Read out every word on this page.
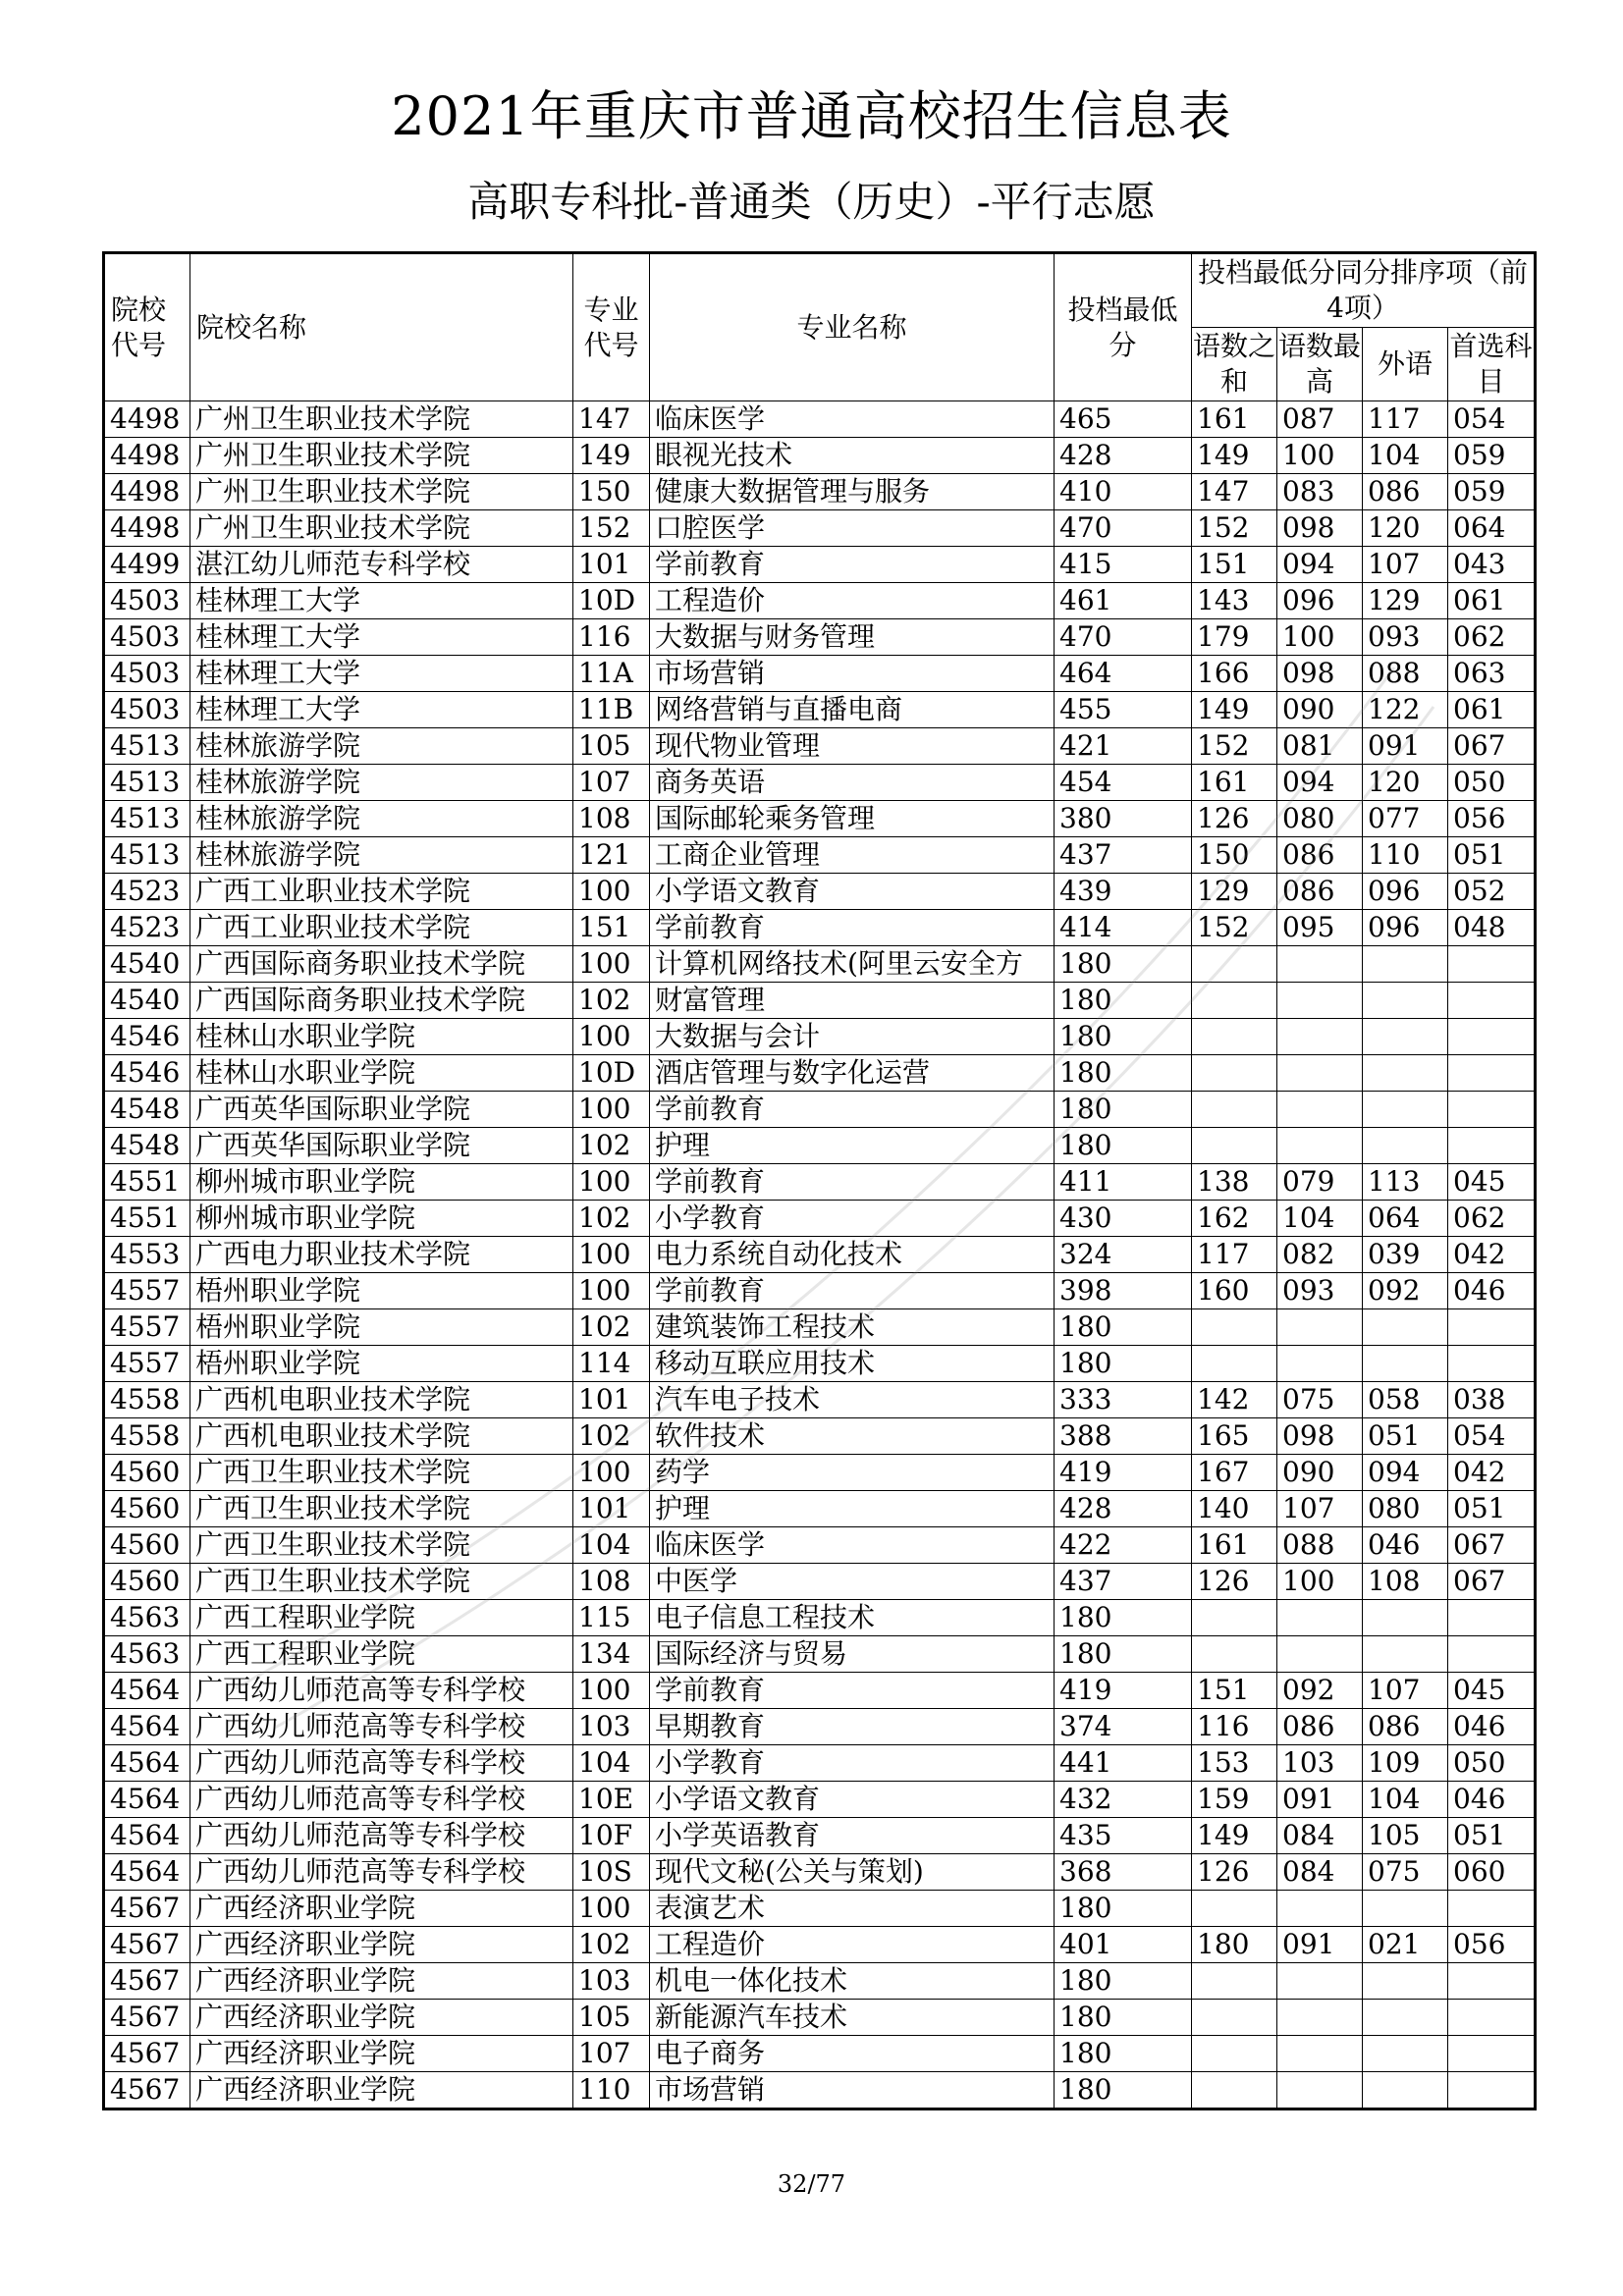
2021年重庆市普通高校招生信息表
高职专科批-普通类（历史）-平行志愿
院校代号	院校名称	专业代号	专业名称	投档最低分	投档最低分同分排序项（前4项）			
					语数之和	语数最高	外语	首选科目
4498	广州卫生职业技术学院	147	临床医学	465	161	087	117	054
4498	广州卫生职业技术学院	149	眼视光技术	428	149	100	104	059
4498	广州卫生职业技术学院	150	健康大数据管理与服务	410	147	083	086	059
4498	广州卫生职业技术学院	152	口腔医学	470	152	098	120	064
4499	湛江幼儿师范专科学校	101	学前教育	415	151	094	107	043
4503	桂林理工大学	10D	工程造价	461	143	096	129	061
4503	桂林理工大学	116	大数据与财务管理	470	179	100	093	062
4503	桂林理工大学	11A	市场营销	464	166	098	088	063
4503	桂林理工大学	11B	网络营销与直播电商	455	149	090	122	061
4513	桂林旅游学院	105	现代物业管理	421	152	081	091	067
4513	桂林旅游学院	107	商务英语	454	161	094	120	050
4513	桂林旅游学院	108	国际邮轮乘务管理	380	126	080	077	056
4513	桂林旅游学院	121	工商企业管理	437	150	086	110	051
4523	广西工业职业技术学院	100	小学语文教育	439	129	086	096	052
4523	广西工业职业技术学院	151	学前教育	414	152	095	096	048
4540	广西国际商务职业技术学院	100	计算机网络技术(阿里云安全方	180				
4540	广西国际商务职业技术学院	102	财富管理	180				
4546	桂林山水职业学院	100	大数据与会计	180				
4546	桂林山水职业学院	10D	酒店管理与数字化运营	180				
4548	广西英华国际职业学院	100	学前教育	180				
4548	广西英华国际职业学院	102	护理	180				
4551	柳州城市职业学院	100	学前教育	411	138	079	113	045
4551	柳州城市职业学院	102	小学教育	430	162	104	064	062
4553	广西电力职业技术学院	100	电力系统自动化技术	324	117	082	039	042
4557	梧州职业学院	100	学前教育	398	160	093	092	046
4557	梧州职业学院	102	建筑装饰工程技术	180				
4557	梧州职业学院	114	移动互联应用技术	180				
4558	广西机电职业技术学院	101	汽车电子技术	333	142	075	058	038
4558	广西机电职业技术学院	102	软件技术	388	165	098	051	054
4560	广西卫生职业技术学院	100	药学	419	167	090	094	042
4560	广西卫生职业技术学院	101	护理	428	140	107	080	051
4560	广西卫生职业技术学院	104	临床医学	422	161	088	046	067
4560	广西卫生职业技术学院	108	中医学	437	126	100	108	067
4563	广西工程职业学院	115	电子信息工程技术	180				
4563	广西工程职业学院	134	国际经济与贸易	180				
4564	广西幼儿师范高等专科学校	100	学前教育	419	151	092	107	045
4564	广西幼儿师范高等专科学校	103	早期教育	374	116	086	086	046
4564	广西幼儿师范高等专科学校	104	小学教育	441	153	103	109	050
4564	广西幼儿师范高等专科学校	10E	小学语文教育	432	159	091	104	046
4564	广西幼儿师范高等专科学校	10F	小学英语教育	435	149	084	105	051
4564	广西幼儿师范高等专科学校	10S	现代文秘(公关与策划)	368	126	084	075	060
4567	广西经济职业学院	100	表演艺术	180				
4567	广西经济职业学院	102	工程造价	401	180	091	021	056
4567	广西经济职业学院	103	机电一体化技术	180				
4567	广西经济职业学院	105	新能源汽车技术	180				
4567	广西经济职业学院	107	电子商务	180				
4567	广西经济职业学院	110	市场营销	180				
32/77
